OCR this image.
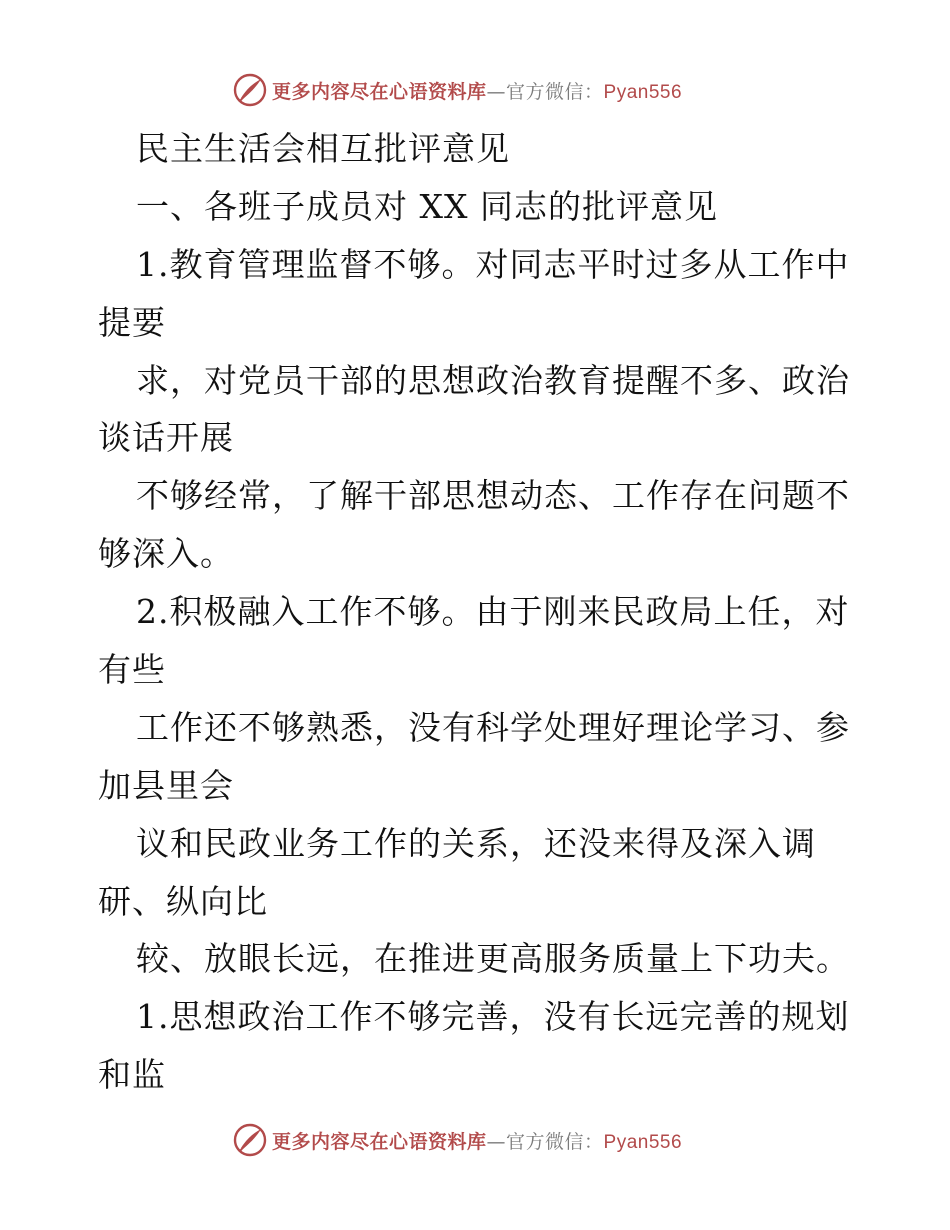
更多内容尽在心语资料库—官方微信：Pyan556
民主生活会相互批评意见
一、各班子成员对 XX 同志的批评意见
1.教育管理监督不够。对同志平时过多从工作中
提要
求，对党员干部的思想政治教育提醒不多、政治
谈话开展
不够经常，了解干部思想动态、工作存在问题不
够深入。
2.积极融入工作不够。由于刚来民政局上任，对
有些
工作还不够熟悉，没有科学处理好理论学习、参
加县里会
议和民政业务工作的关系，还没来得及深入调
研、纵向比
较、放眼长远，在推进更高服务质量上下功夫。
1.思想政治工作不够完善，没有长远完善的规划
和监
更多内容尽在心语资料库—官方微信：Pyan556
